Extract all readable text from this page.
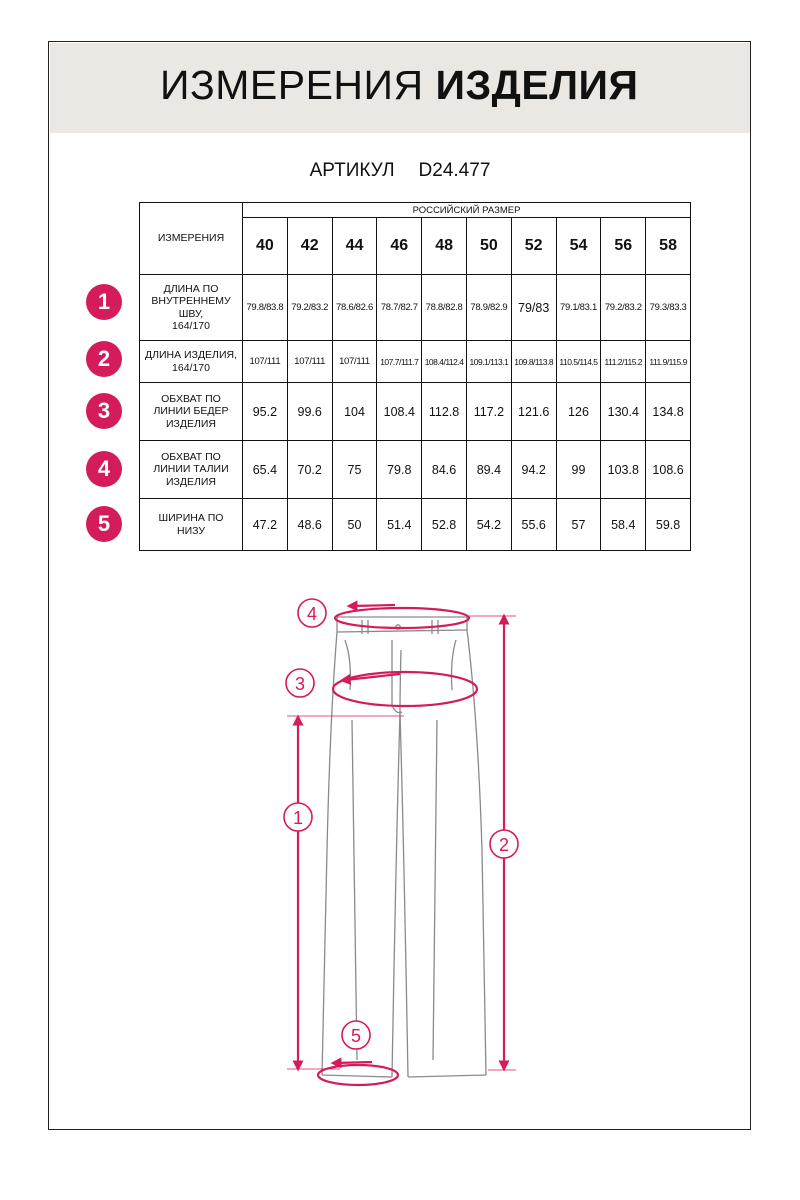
ИЗМЕРЕНИЯ ИЗДЕЛИЯ
АРТИКУЛ D24.477
ИЗМЕРЕНИЯ	РОССИЙСКИЙ РАЗМЕР									
	40	42	44	46	48	50	52	54	56	58

ДЛИНА ПО
ВНУТРЕННЕМУ
ШВУ,
164/170	79.8/83.8	79.2/83.2	78.6/82.6	78.7/82.7	78.8/82.8	78.9/82.9	79/83	79.1/83.1	79.2/83.2	79.3/83.3

ДЛИНА ИЗДЕЛИЯ,
164/170	107/111	107/111	107/111	107.7/111.7	108.4/112.4	109.1/113.1	109.8/113.8	110.5/114.5	111.2/115.2	111.9/115.9

ОБХВАТ ПО
ЛИНИИ БЕДЕР
ИЗДЕЛИЯ	95.2	99.6	104	108.4	112.8	117.2	121.6	126	130.4	134.8

ОБХВАТ ПО
ЛИНИИ ТАЛИИ
ИЗДЕЛИЯ	65.4	70.2	75	79.8	84.6	89.4	94.2	99	103.8	108.6

ШИРИНА ПО
НИЗУ	47.2	48.6	50	51.4	52.8	54.2	55.6	57	58.4	59.8
1
2
3
4
5
4
3
1
2
5
